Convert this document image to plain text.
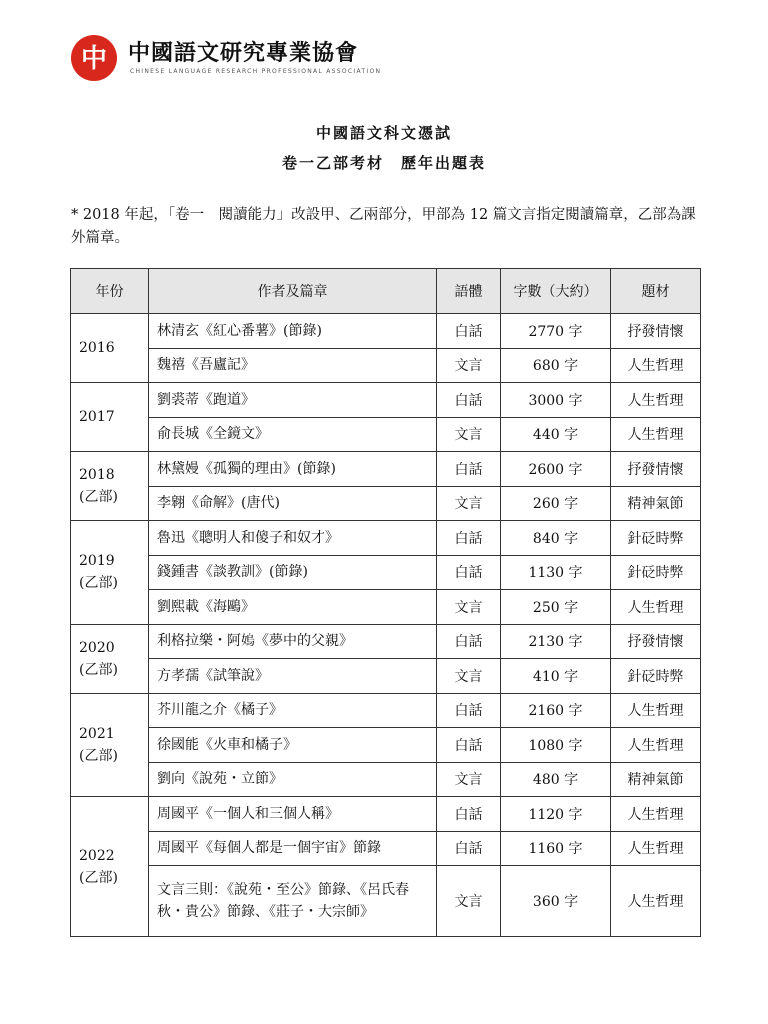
中 中國語文研究專業協會
CHINESE LANGUAGE RESEARCH PROFESSIONAL ASSOCIATION
中國語文科文憑試
卷一乙部考材　歷年出題表
* 2018 年起，「卷一　閱讀能力」改設甲、乙兩部分，甲部為 12 篇文言指定閱讀篇章，乙部為課外篇章。
年份	作者及篇章	語體	字數（大約）	題材

2016	林清玄《紅心番薯》(節錄)	白話	2770 字	抒發情懷
	魏禧《吾廬記》	文言	680 字	人生哲理

2017	劉裘蒂《跑道》	白話	3000 字	人生哲理
	俞長城《全鏡文》	文言	440 字	人生哲理

2018
(乙部)	林黛嫚《孤獨的理由》(節錄)	白話	2600 字	抒發情懷
	李翱《命解》(唐代)	文言	260 字	精神氣節

2019
(乙部)	魯迅《聰明人和傻子和奴才》	白話	840 字	針砭時弊
	錢鍾書《談教訓》(節錄)	白話	1130 字	針砭時弊
	劉熙載《海鷗》	文言	250 字	人生哲理

2020
(乙部)	利格拉樂・阿𡠄《夢中的父親》	白話	2130 字	抒發情懷
	方孝孺《試筆說》	文言	410 字	針砭時弊

2021
(乙部)	芥川龍之介《橘子》	白話	2160 字	人生哲理
	徐國能《火車和橘子》	白話	1080 字	人生哲理
	劉向《說苑・立節》	文言	480 字	精神氣節

2022
(乙部)	周國平《一個人和三個人稱》	白話	1120 字	人生哲理
	周國平《每個人都是一個宇宙》節錄	白話	1160 字	人生哲理
	文言三則：《說苑・至公》節錄、《呂氏春秋・貴公》節錄、《莊子・大宗師》	文言	360 字	人生哲理
